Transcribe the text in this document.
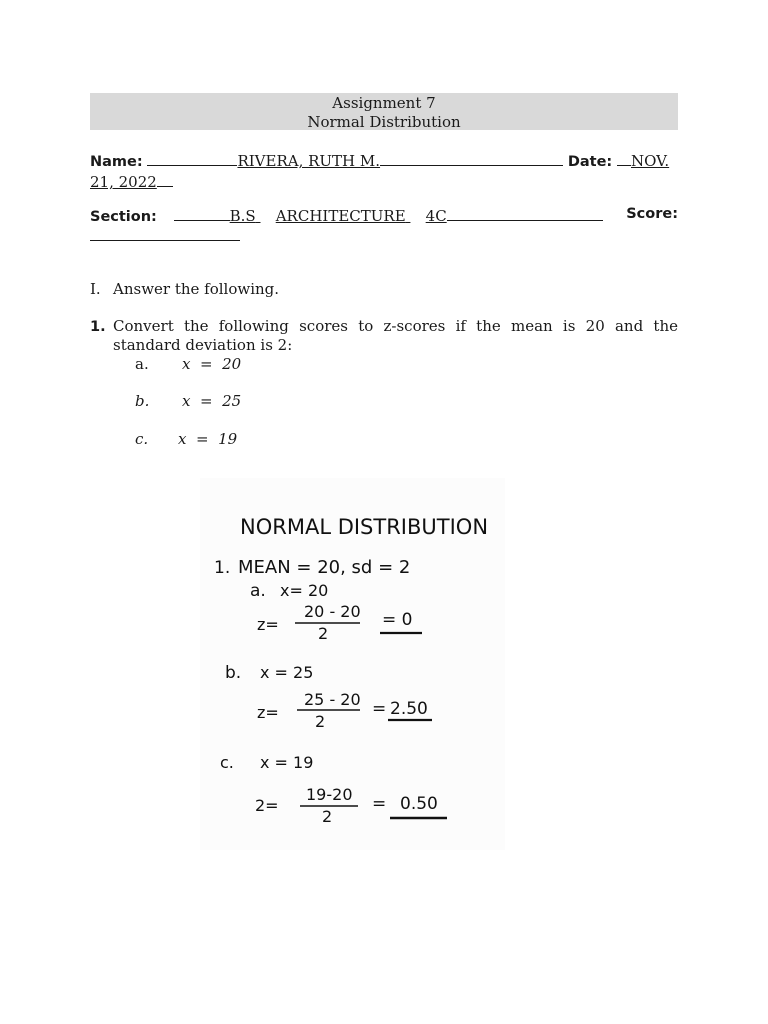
Assignment 7
Normal Distribution
Name:	RIVERA, RUTH M.	Date: NOV.
21, 2022
Section:	B.S ARCHITECTURE 4C	Score:
I. Answer the following.
1. Convert the following scores to z-scores if the mean is 20 and the
standard deviation is 2:
a. x  =  20
b. x  =  25
c. x  =  19
NORMAL DISTRIBUTION
1. MEAN = 20, sd = 2
a. x= 20
z=
20 - 20
2
= 0
b. x = 25
z=
25 - 20
2
= 2.50
c. x = 19
2=
19-20
2
= 0.50
